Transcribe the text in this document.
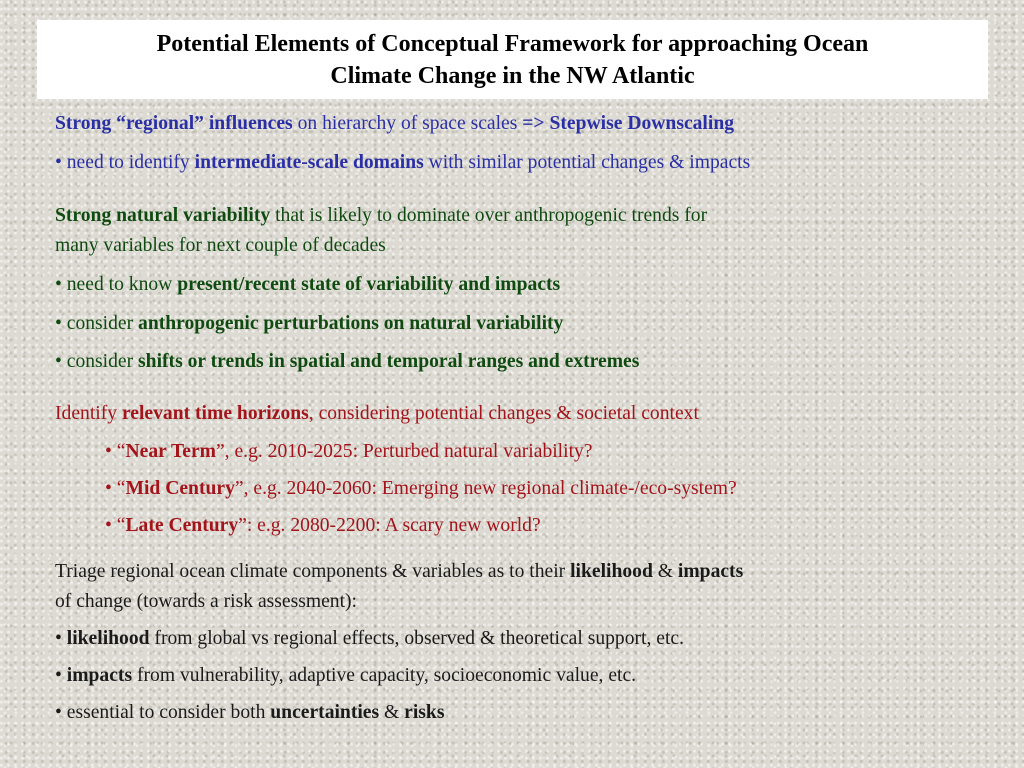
Potential Elements of Conceptual Framework for approaching Ocean
Climate Change in the NW Atlantic
Strong “regional” influences on hierarchy of space scales => Stepwise Downscaling
• need to identify intermediate-scale domains with similar potential changes & impacts
Strong natural variability that is likely to dominate over anthropogenic trends for
many variables for next couple of decades
• need to know present/recent state of variability and impacts
• consider anthropogenic perturbations on natural variability
• consider shifts or trends in spatial and temporal ranges and extremes
Identify relevant time horizons, considering potential changes & societal context
• “Near Term”, e.g. 2010-2025: Perturbed natural variability?
• “Mid Century”, e.g. 2040-2060: Emerging new regional climate-/eco-system?
• “Late Century”: e.g. 2080-2200: A scary new world?
Triage regional ocean climate components & variables as to their likelihood & impacts
of change (towards a risk assessment):
• likelihood from global vs regional effects, observed & theoretical support, etc.
• impacts from vulnerability, adaptive capacity, socioeconomic value, etc.
• essential to consider both uncertainties & risks
